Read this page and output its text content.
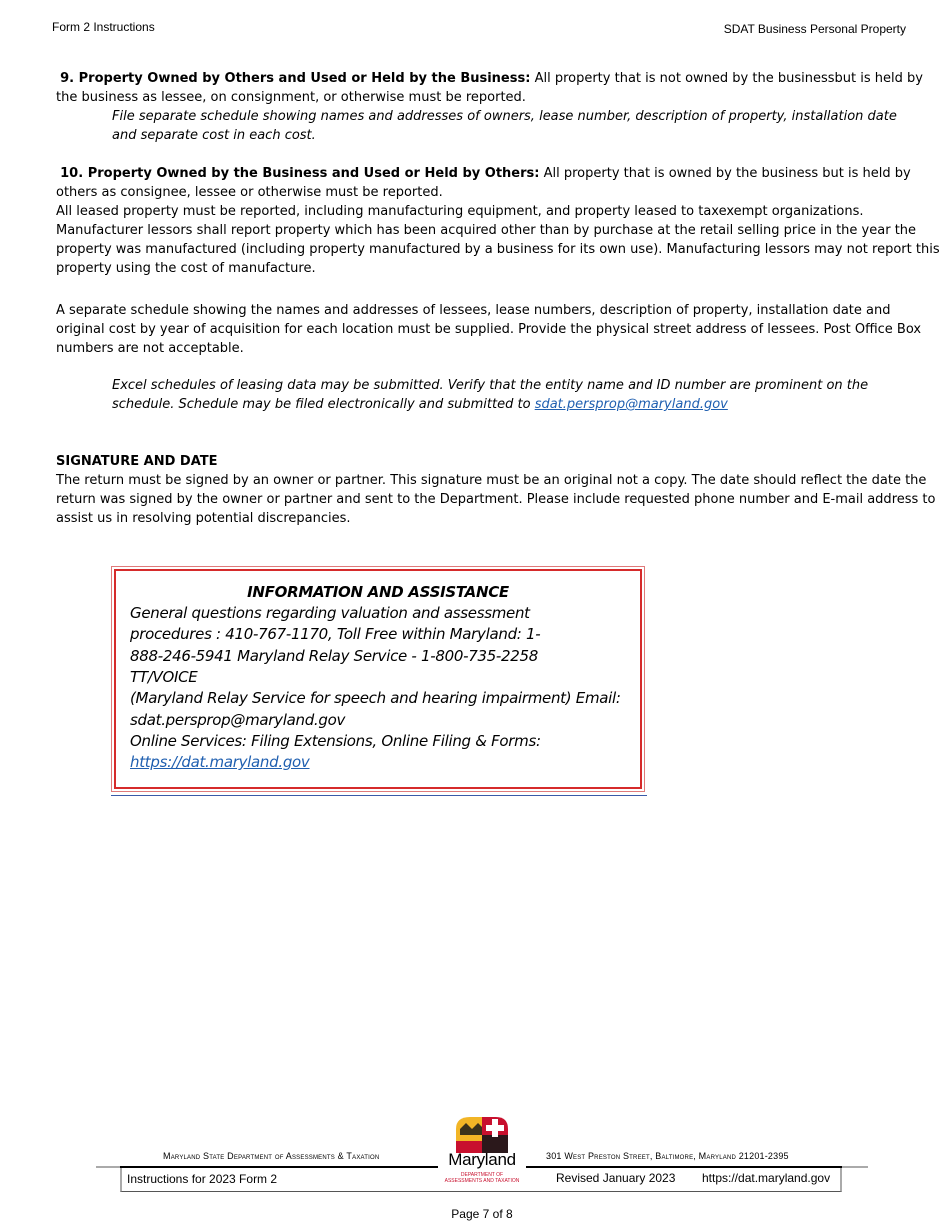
Form 2 Instructions	SDAT Business Personal Property

9. Property Owned by Others and Used or Held by the Business: All property that is not owned by the businessbut is held by the business as lessee, on consignment, or otherwise must be reported.

File separate schedule showing names and addresses of owners, lease number, description of property, installation date and separate cost in each cost.

10. Property Owned by the Business and Used or Held by Others: All property that is owned by the business but is held by others as consignee, lessee or otherwise must be reported.

All leased property must be reported, including manufacturing equipment, and property leased to taxexempt organizations. Manufacturer lessors shall report property which has been acquired other than by purchase at the retail selling price in the year the property was manufactured (including property manufactured by a business for its own use). Manufacturing lessors may not report this property using the cost of manufacture.

A separate schedule showing the names and addresses of lessees, lease numbers, description of property, installation date and original cost by year of acquisition for each location must be supplied. Provide the physical street address of lessees. Post Office Box numbers are not acceptable.

Excel schedules of leasing data may be submitted. Verify that the entity name and ID number are prominent on the schedule. Schedule may be filed electronically and submitted to sdat.persprop@maryland.gov

SIGNATURE AND DATE

The return must be signed by an owner or partner. This signature must be an original not a copy. The date should reflect the date the return was signed by the owner or partner and sent to the Department. Please include requested phone number and E-mail address to assist us in resolving potential discrepancies.

INFORMATION AND ASSISTANCE
General questions regarding valuation and assessment
procedures : 410-767-1170, Toll Free within Maryland: 1-
888-246-5941 Maryland Relay Service - 1-800-735-2258
TT/VOICE
(Maryland Relay Service for speech and hearing impairment) Email:
sdat.persprop@maryland.gov
Online Services: Filing Extensions, Online Filing & Forms:
https://dat.maryland.gov
Maryland State Department of Assessments & Taxation	301 West Preston Street, Baltimore, Maryland 21201-2395
Maryland
DEPARTMENT OF
ASSESSMENTS AND TAXATION
Instructions for 2023 Form 2	Revised January 2023 https://dat.maryland.gov
Page 7 of 8
